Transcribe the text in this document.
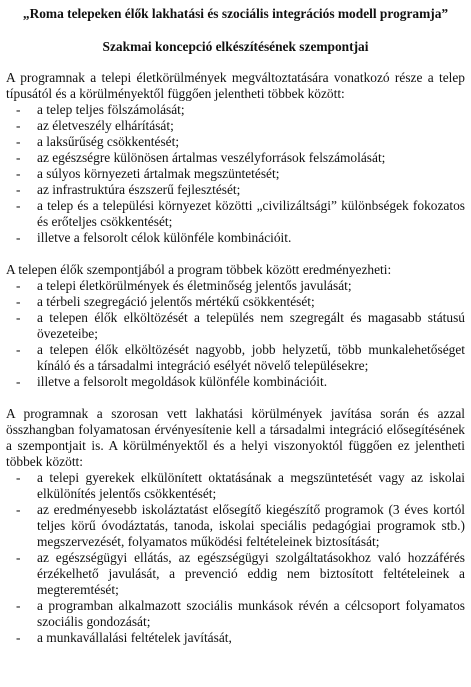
„Roma telepeken élők lakhatási és szociális integrációs modell programja”
Szakmai koncepció elkészítésének szempontjai

A programnak a telepi életkörülmények megváltoztatására vonatkozó része a telep típusától és a körülményektől függően jelentheti többek között:

- a telep teljes fölszámolását;
- az életveszély elhárítását;
- a laksűrűség csökkentését;
- az egészségre különösen ártalmas veszélyforrások felszámolását;
- a súlyos környezeti ártalmak megszüntetését;
- az infrastruktúra észszerű fejlesztését;
- a telep és a települési környezet közötti „civilizáltsági” különbségek fokozatos és erőteljes csökkentését;
- illetve a felsorolt célok különféle kombinációit.

A telepen élők szempontjából a program többek között eredményezheti:

- a telepi életkörülmények és életminőség jelentős javulását;
- a térbeli szegregáció jelentős mértékű csökkentését;
- a telepen élők elköltözését a település nem szegregált és magasabb státusú övezeteibe;
- a telepen élők elköltözését nagyobb, jobb helyzetű, több munkalehetőséget kínáló és a társadalmi integráció esélyét növelő településekre;
- illetve a felsorolt megoldások különféle kombinációit.

A programnak a szorosan vett lakhatási körülmények javítása során és azzal összhangban folyamatosan érvényesítenie kell a társadalmi integráció elősegítésének a szempontjait is. A körülményektől és a helyi viszonyoktól függően ez jelentheti többek között:

- a telepi gyerekek elkülönített oktatásának a megszüntetését vagy az iskolai elkülönítés jelentős csökkentését;
- az eredményesebb iskoláztatást elősegítő kiegészítő programok (3 éves kortól teljes körű óvodáztatás, tanoda, iskolai speciális pedagógiai programok stb.) megszervezését, folyamatos működési feltételeinek biztosítását;
- az egészségügyi ellátás, az egészségügyi szolgáltatásokhoz való hozzáférés érzékelhető javulását, a prevenció eddig nem biztosított feltételeinek a megteremtését;
- a programban alkalmazott szociális munkások révén a célcsoport folyamatos szociális gondozását;
- a munkavállalási feltételek javítását,
